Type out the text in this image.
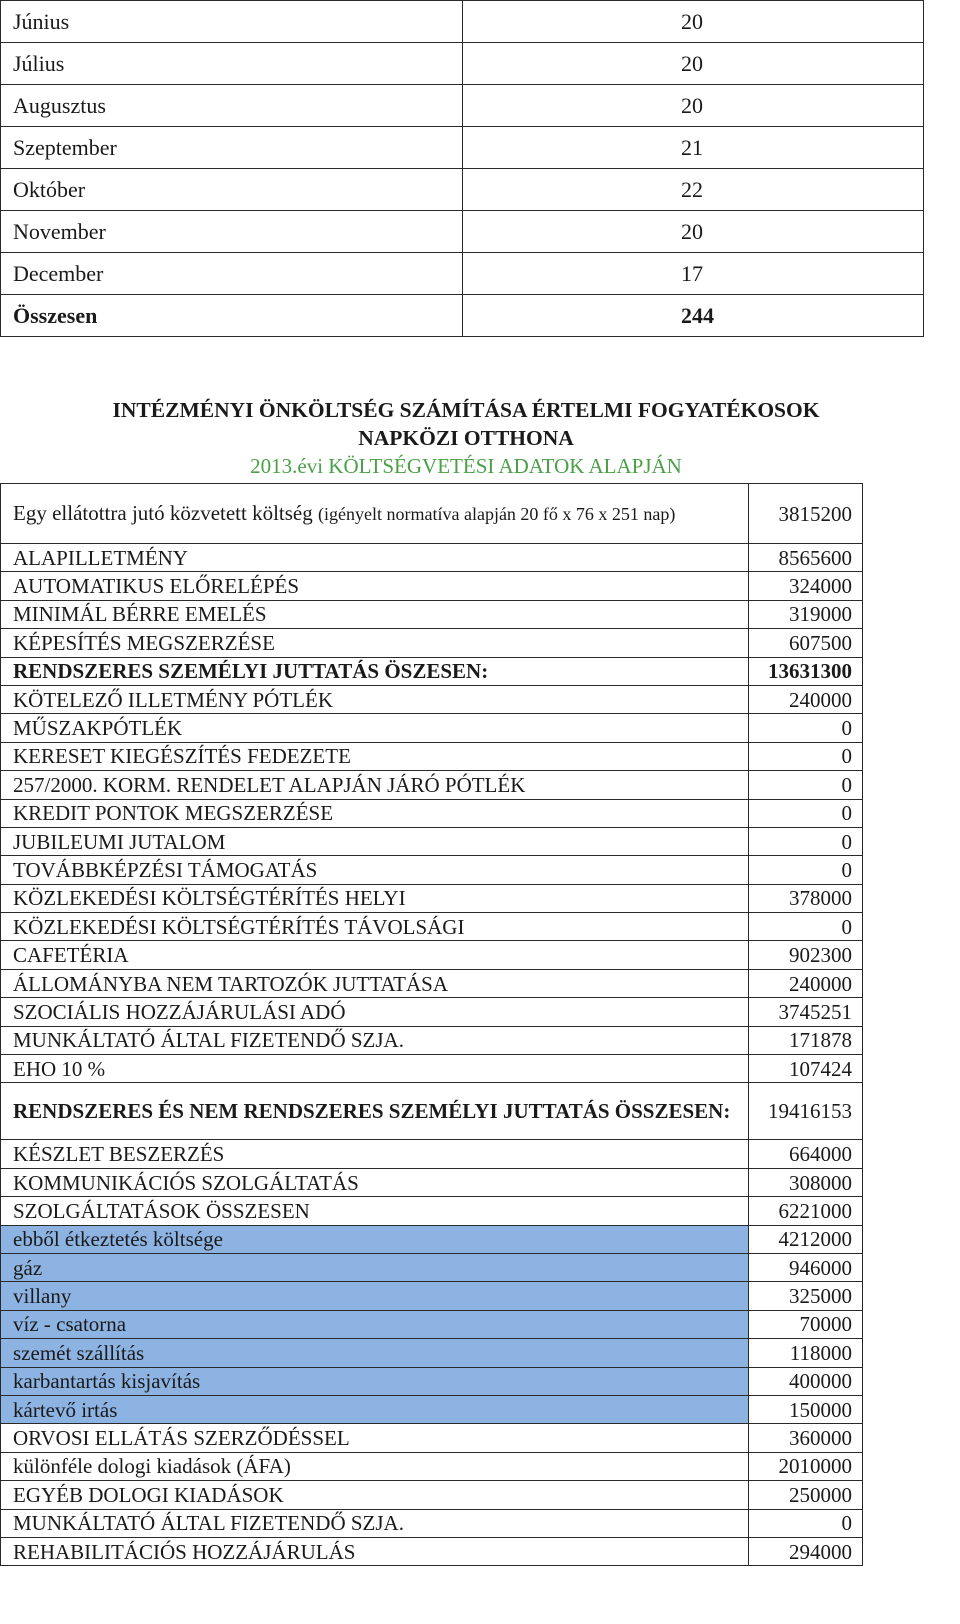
Június	20
Július	20
Augusztus	20
Szeptember	21
Október	22
November	20
December	17
Összesen	244
INTÉZMÉNYI ÖNKÖLTSÉG SZÁMÍTÁSA ÉRTELMI FOGYATÉKOSOK
NAPKÖZI OTTHONA
2013.évi KÖLTSÉGVETÉSI ADATOK ALAPJÁN
Egy ellátottra jutó közvetett költség (igényelt normatíva alapján 20 fő x 76 x 251 nap)	3815200
ALAPILLETMÉNY	8565600
AUTOMATIKUS ELŐRELÉPÉS	324000
MINIMÁL BÉRRE EMELÉS	319000
KÉPESÍTÉS MEGSZERZÉSE	607500
RENDSZERES SZEMÉLYI JUTTATÁS ÖSZESEN:	13631300
KÖTELEZŐ ILLETMÉNY PÓTLÉK	240000
MŰSZAKPÓTLÉK	0
KERESET KIEGÉSZÍTÉS FEDEZETE	0
257/2000. KORM. RENDELET ALAPJÁN JÁRÓ PÓTLÉK	0
KREDIT PONTOK MEGSZERZÉSE	0
JUBILEUMI JUTALOM	0
TOVÁBBKÉPZÉSI TÁMOGATÁS	0
KÖZLEKEDÉSI KÖLTSÉGTÉRÍTÉS HELYI	378000
KÖZLEKEDÉSI KÖLTSÉGTÉRÍTÉS TÁVOLSÁGI	0
CAFETÉRIA	902300
ÁLLOMÁNYBA NEM TARTOZÓK JUTTATÁSA	240000
SZOCIÁLIS HOZZÁJÁRULÁSI ADÓ	3745251
MUNKÁLTATÓ ÁLTAL FIZETENDŐ SZJA.	171878
EHO 10 %	107424
RENDSZERES ÉS NEM RENDSZERES SZEMÉLYI JUTTATÁS ÖSSZESEN:	19416153
KÉSZLET BESZERZÉS	664000
KOMMUNIKÁCIÓS SZOLGÁLTATÁS	308000
SZOLGÁLTATÁSOK ÖSSZESEN	6221000
ebből étkeztetés költsége	4212000
gáz	946000
villany	325000
víz - csatorna	70000
szemét szállítás	118000
karbantartás kisjavítás	400000
kártevő irtás	150000
ORVOSI ELLÁTÁS SZERZŐDÉSSEL	360000
különféle dologi kiadások (ÁFA)	2010000
EGYÉB DOLOGI KIADÁSOK	250000
MUNKÁLTATÓ ÁLTAL FIZETENDŐ SZJA.	0
REHABILITÁCIÓS HOZZÁJÁRULÁS	294000
